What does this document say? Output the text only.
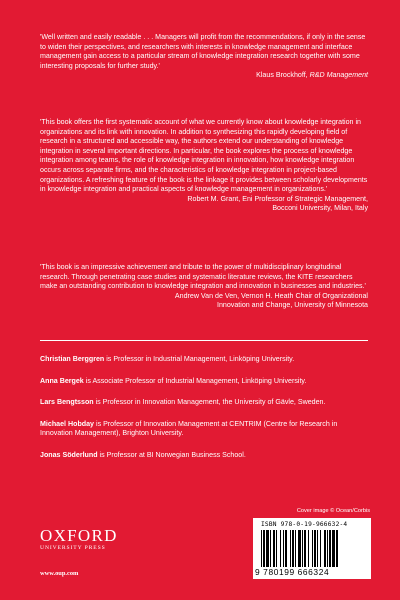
'Well written and easily readable . . . Managers will profit from the recommendations, if only in the sense to widen their perspectives, and researchers with interests in knowledge management and interface management gain access to a particular stream of knowledge integration research together with some interesting proposals for further study.'
Klaus Brockhoff, R&D Management

'This book offers the first systematic account of what we currently know about knowledge integration in organizations and its link with innovation. In addition to synthesizing this rapidly developing field of research in a structured and accessible way, the authors extend our understanding of knowledge integration in several important directions. In particular, the book explores the process of knowledge integration among teams, the role of knowledge integration in innovation, how knowledge integration occurs across separate firms, and the characteristics of knowledge integration in project-based organizations. A refreshing feature of the book is the linkage it provides between scholarly developments in knowledge integration and practical aspects of knowledge management in organizations.'
Robert M. Grant, Eni Professor of Strategic Management,
Bocconi University, Milan, Italy

'This book is an impressive achievement and tribute to the power of multidisciplinary longitudinal research. Through penetrating case studies and systematic literature reviews, the KITE researchers make an outstanding contribution to knowledge integration and innovation in businesses and industries.'
Andrew Van de Ven, Vernon H. Heath Chair of Organizational
Innovation and Change, University of Minnesota

Christian Berggren is Professor in Industrial Management, Linköping University.

Anna Bergek is Associate Professor of Industrial Management, Linköping University.

Lars Bengtsson is Professor in Innovation Management, the University of Gävle, Sweden.

Michael Hobday is Professor of Innovation Management at CENTRIM (Centre for Research in Innovation Management), Brighton University.

Jonas Söderlund is Professor at BI Norwegian Business School.

Cover image © Ocean/Corbis
ISBN 978-0-19-966632-4
9 780199 666324
OXFORD
UNIVERSITY PRESS
www.oup.com
